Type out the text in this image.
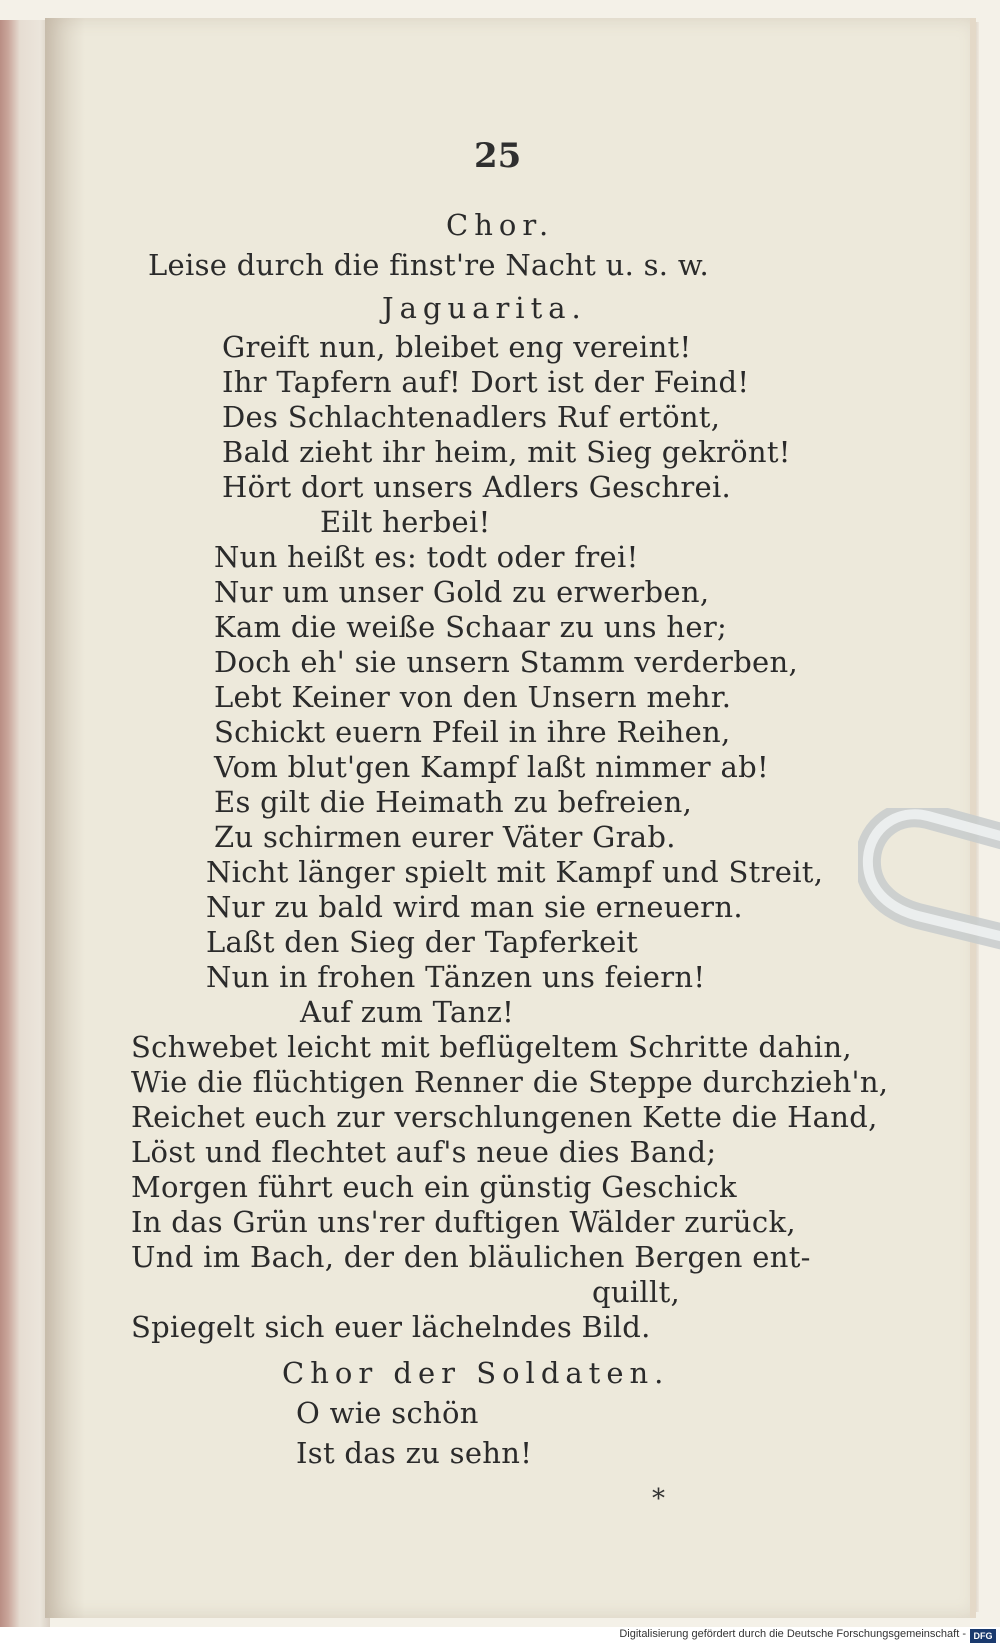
25
Chor.
Leise durch die finst're Nacht u. s. w.
Jaguarita.
Greift nun, bleibet eng vereint!
Ihr Tapfern auf! Dort ist der Feind!
Des Schlachtenadlers Ruf ertönt,
Bald zieht ihr heim, mit Sieg gekrönt!
Hört dort unsers Adlers Geschrei.
Eilt herbei!
Nun heißt es: todt oder frei!
Nur um unser Gold zu erwerben,
Kam die weiße Schaar zu uns her;
Doch eh' sie unsern Stamm verderben,
Lebt Keiner von den Unsern mehr.
Schickt euern Pfeil in ihre Reihen,
Vom blut'gen Kampf laßt nimmer ab!
Es gilt die Heimath zu befreien,
Zu schirmen eurer Väter Grab.
Nicht länger spielt mit Kampf und Streit,
Nur zu bald wird man sie erneuern.
Laßt den Sieg der Tapferkeit
Nun in frohen Tänzen uns feiern!
Auf zum Tanz!
Schwebet leicht mit beflügeltem Schritte dahin,
Wie die flüchtigen Renner die Steppe durchzieh'n,
Reichet euch zur verschlungenen Kette die Hand,
Löst und flechtet auf's neue dies Band;
Morgen führt euch ein günstig Geschick
In das Grün uns'rer duftigen Wälder zurück,
Und im Bach, der den bläulichen Bergen ent-
quillt,
Spiegelt sich euer lächelndes Bild.
Chor der Soldaten.
O wie schön
Ist das zu sehn!
*
Digitalisierung gefördert durch die Deutsche Forschungsgemeinschaft - DFG
